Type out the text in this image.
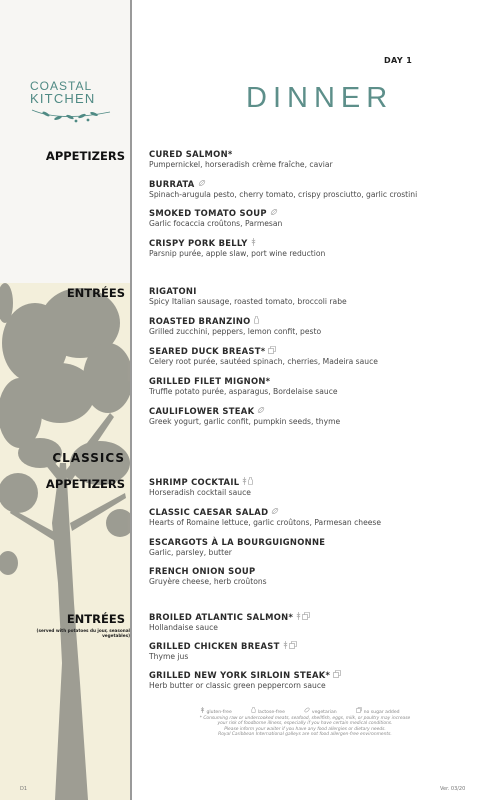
COASTAL
KITCHEN
DAY 1
DINNER
APPETIZERS
ENTRÉES
CLASSICS
APPETIZERS
ENTRÉES
(served with potatoes du jour, seasonal vegetables)
CURED SALMON*
Pumpernickel, horseradish crème fraîche, caviar
BURRATA
Spinach-arugula pesto, cherry tomato, crispy prosciutto, garlic crostini
SMOKED TOMATO SOUP
Garlic focaccia croûtons, Parmesan
CRISPY PORK BELLY
Parsnip purée, apple slaw, port wine reduction
RIGATONI
Spicy Italian sausage, roasted tomato, broccoli rabe
ROASTED BRANZINO
Grilled zucchini, peppers, lemon confit, pesto
SEARED DUCK BREAST*
Celery root purée, sautéed spinach, cherries, Madeira sauce
GRILLED FILET MIGNON*
Truffle potato purée, asparagus, Bordelaise sauce
CAULIFLOWER STEAK
Greek yogurt, garlic confit, pumpkin seeds, thyme
SHRIMP COCKTAIL
Horseradish cocktail sauce
CLASSIC CAESAR SALAD
Hearts of Romaine lettuce, garlic croûtons, Parmesan cheese
ESCARGOTS À LA BOURGUIGNONNE
Garlic, parsley, butter
FRENCH ONION SOUP
Gruyère cheese, herb croûtons
BROILED ATLANTIC SALMON*
Hollandaise sauce
GRILLED CHICKEN BREAST
Thyme jus
GRILLED NEW YORK SIRLOIN STEAK*
Herb butter or classic green peppercorn sauce
gluten-free	lactose-free	vegetarian	no sugar added
* Consuming raw or undercooked meats, seafood, shellfish, eggs, milk, or poultry may increase
your risk of foodborne illness, especially if you have certain medical conditions.
Please inform your waiter if you have any food allergies or dietary needs.
Royal Caribbean International galleys are not food allergen-free environments.
D1	Ver. 03/20
